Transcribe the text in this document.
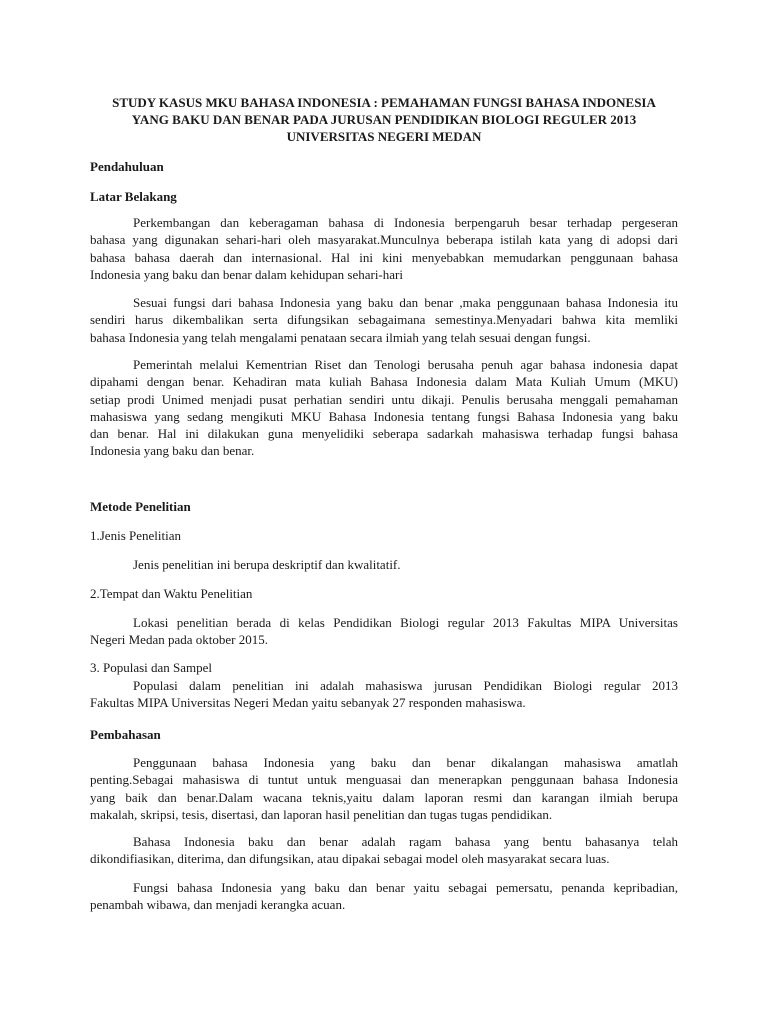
STUDY KASUS MKU BAHASA INDONESIA : PEMAHAMAN FUNGSI BAHASA INDONESIA
YANG BAKU DAN BENAR PADA JURUSAN PENDIDIKAN BIOLOGI REGULER 2013
UNIVERSITAS NEGERI MEDAN
Pendahuluan
Latar Belakang
Perkembangan dan keberagaman bahasa di Indonesia berpengaruh besar terhadap pergeseran
bahasa yang digunakan sehari-hari oleh masyarakat.Munculnya beberapa istilah kata yang di adopsi dari
bahasa bahasa daerah dan internasional. Hal ini kini menyebabkan memudarkan penggunaan bahasa
Indonesia yang baku dan benar dalam kehidupan sehari-hari
Sesuai fungsi dari bahasa Indonesia yang baku dan benar ,maka penggunaan bahasa Indonesia itu
sendiri harus dikembalikan serta difungsikan sebagaimana semestinya.Menyadari bahwa kita memliki
bahasa Indonesia yang telah mengalami penataan secara ilmiah yang telah sesuai dengan fungsi.
Pemerintah melalui Kementrian Riset dan Tenologi berusaha penuh agar bahasa indonesia dapat
dipahami dengan benar. Kehadiran mata kuliah Bahasa Indonesia dalam Mata Kuliah Umum (MKU)
setiap prodi Unimed menjadi pusat perhatian sendiri untu dikaji. Penulis berusaha menggali pemahaman
mahasiswa yang sedang mengikuti MKU Bahasa Indonesia tentang fungsi Bahasa Indonesia yang baku
dan benar. Hal ini dilakukan guna menyelidiki seberapa sadarkah mahasiswa terhadap fungsi bahasa
Indonesia yang baku dan benar.
Metode Penelitian
1.Jenis Penelitian
Jenis penelitian ini berupa deskriptif dan kwalitatif.
2.Tempat dan Waktu Penelitian
Lokasi penelitian berada di kelas Pendidikan Biologi regular 2013 Fakultas MIPA Universitas
Negeri Medan pada oktober 2015.
3. Populasi dan Sampel
Populasi dalam penelitian ini adalah mahasiswa jurusan Pendidikan Biologi regular 2013
Fakultas MIPA Universitas Negeri Medan yaitu sebanyak 27 responden mahasiswa.
Pembahasan
Penggunaan bahasa Indonesia yang baku dan benar dikalangan mahasiswa amatlah
penting.Sebagai mahasiswa di tuntut untuk menguasai dan menerapkan penggunaan bahasa Indonesia
yang baik dan benar.Dalam wacana teknis,yaitu dalam laporan resmi dan karangan ilmiah berupa
makalah, skripsi, tesis, disertasi, dan laporan hasil penelitian dan tugas tugas pendidikan.
Bahasa Indonesia baku dan benar adalah ragam bahasa yang bentu bahasanya telah
dikondifiasikan, diterima, dan difungsikan, atau dipakai sebagai model oleh masyarakat secara luas.
Fungsi bahasa Indonesia yang baku dan benar yaitu sebagai pemersatu, penanda kepribadian,
penambah wibawa, dan menjadi kerangka acuan.
